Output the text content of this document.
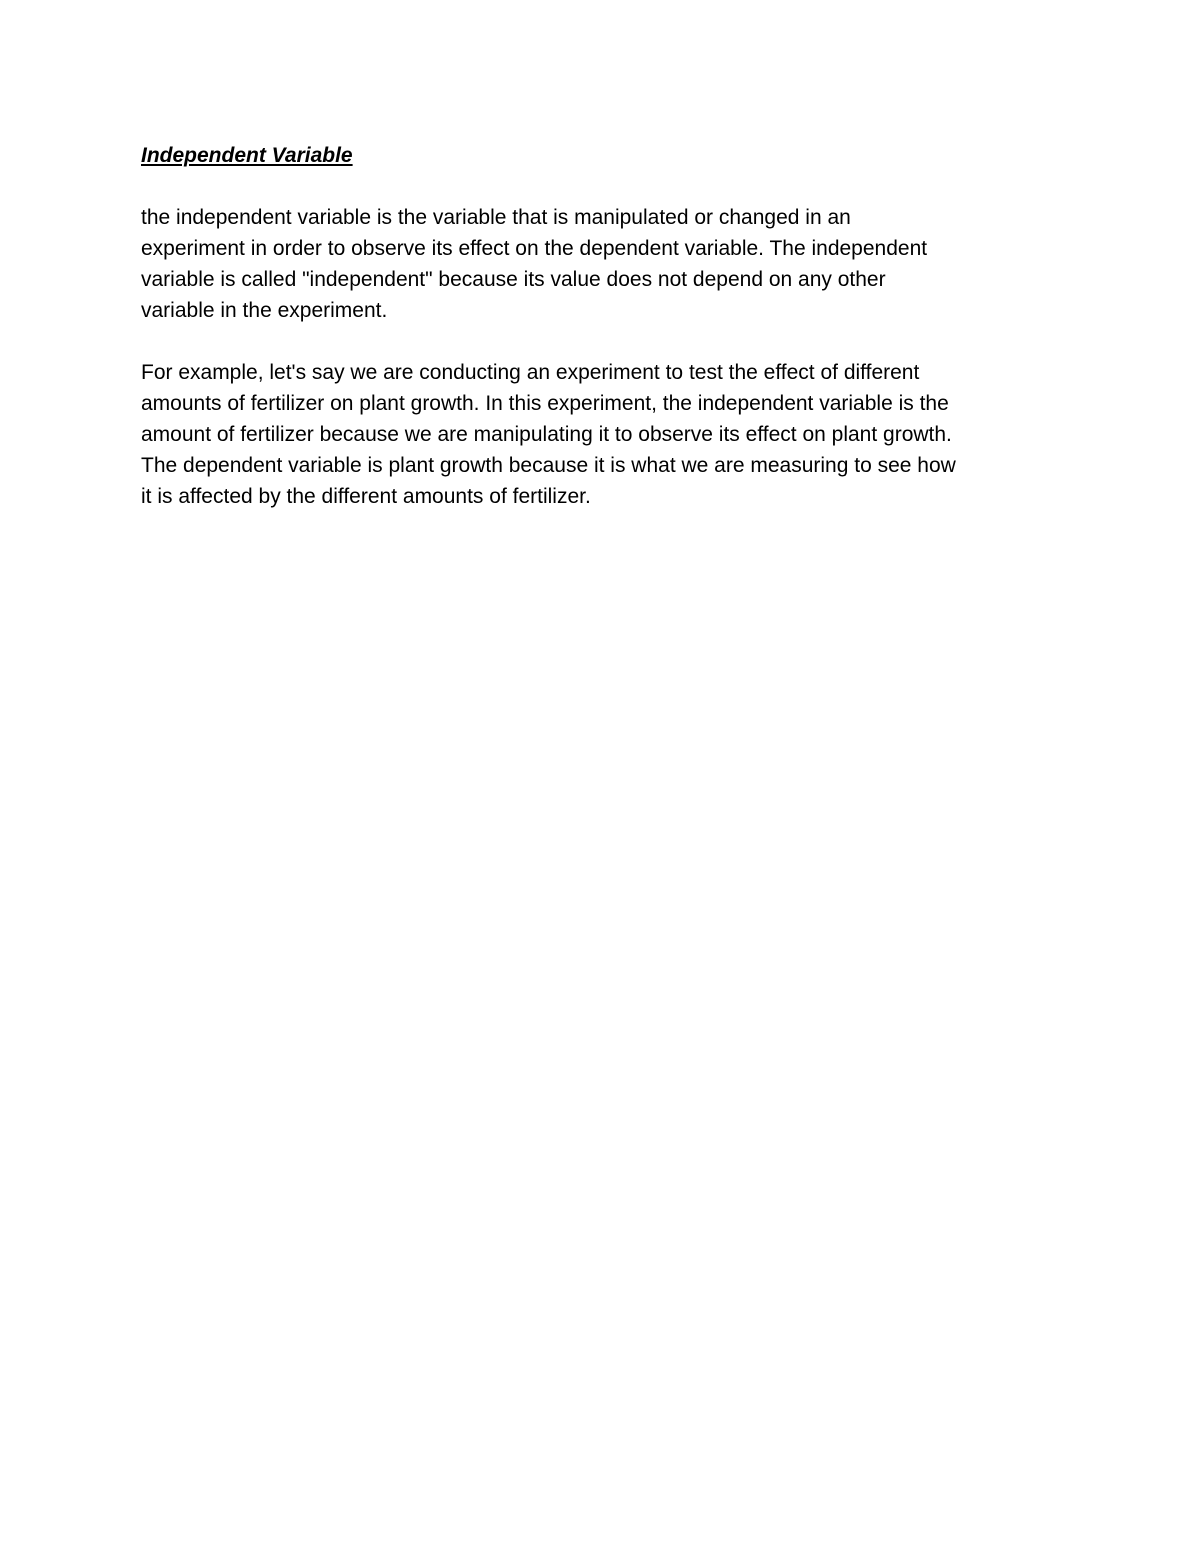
Independent Variable
the independent variable is the variable that is manipulated or changed in an
experiment in order to observe its effect on the dependent variable. The independent
variable is called "independent" because its value does not depend on any other
variable in the experiment.
For example, let's say we are conducting an experiment to test the effect of different
amounts of fertilizer on plant growth. In this experiment, the independent variable is the
amount of fertilizer because we are manipulating it to observe its effect on plant growth.
The dependent variable is plant growth because it is what we are measuring to see how
it is affected by the different amounts of fertilizer.
